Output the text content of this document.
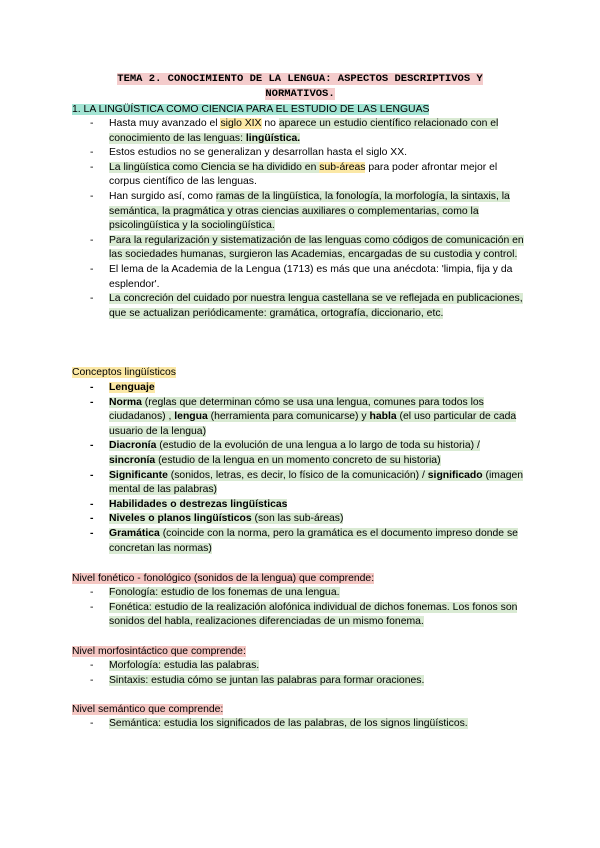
TEMA 2. CONOCIMIENTO DE LA LENGUA: ASPECTOS DESCRIPTIVOS Y
NORMATIVOS.
1. LA LINGÜÍSTICA COMO CIENCIA PARA EL ESTUDIO DE LAS LENGUAS
- Hasta muy avanzado el siglo XIX no aparece un estudio científico relacionado con el conocimiento de las lenguas: lingüística.
- Estos estudios no se generalizan y desarrollan hasta el siglo XX.
- La lingüística como Ciencia se ha dividido en sub-áreas para poder afrontar mejor el corpus científico de las lenguas.
- Han surgido así, como ramas de la lingüística, la fonología, la morfología, la sintaxis, la semántica, la pragmática y otras ciencias auxiliares o complementarias, como la psicolingüística y la sociolingüística.
- Para la regularización y sistematización de las lenguas como códigos de comunicación en las sociedades humanas, surgieron las Academias, encargadas de su custodia y control.
- El lema de la Academia de la Lengua (1713) es más que una anécdota: 'limpia, fija y da esplendor'.
- La concreción del cuidado por nuestra lengua castellana se ve reflejada en publicaciones, que se actualizan periódicamente: gramática, ortografía, diccionario, etc.
Conceptos lingüísticos
- Lenguaje
- Norma (reglas que determinan cómo se usa una lengua, comunes para todos los ciudadanos) , lengua (herramienta para comunicarse) y habla (el uso particular de cada usuario de la lengua)
- Diacronía (estudio de la evolución de una lengua a lo largo de toda su historia) / sincronía (estudio de la lengua en un momento concreto de su historia)
- Significante (sonidos, letras, es decir, lo físico de la comunicación) / significado (imagen mental de las palabras)
- Habilidades o destrezas lingüísticas
- Niveles o planos lingüísticos (son las sub-áreas)
- Gramática (coincide con la norma, pero la gramática es el documento impreso donde se concretan las normas)
Nivel fonético - fonológico (sonidos de la lengua) que comprende:
- Fonología: estudio de los fonemas de una lengua.
- Fonética: estudio de la realización alofónica individual de dichos fonemas. Los fonos son sonidos del habla, realizaciones diferenciadas de un mismo fonema.
Nivel morfosintáctico que comprende:
- Morfología: estudia las palabras.
- Sintaxis: estudia cómo se juntan las palabras para formar oraciones.
Nivel semántico que comprende:
- Semántica: estudia los significados de las palabras, de los signos lingüísticos.
